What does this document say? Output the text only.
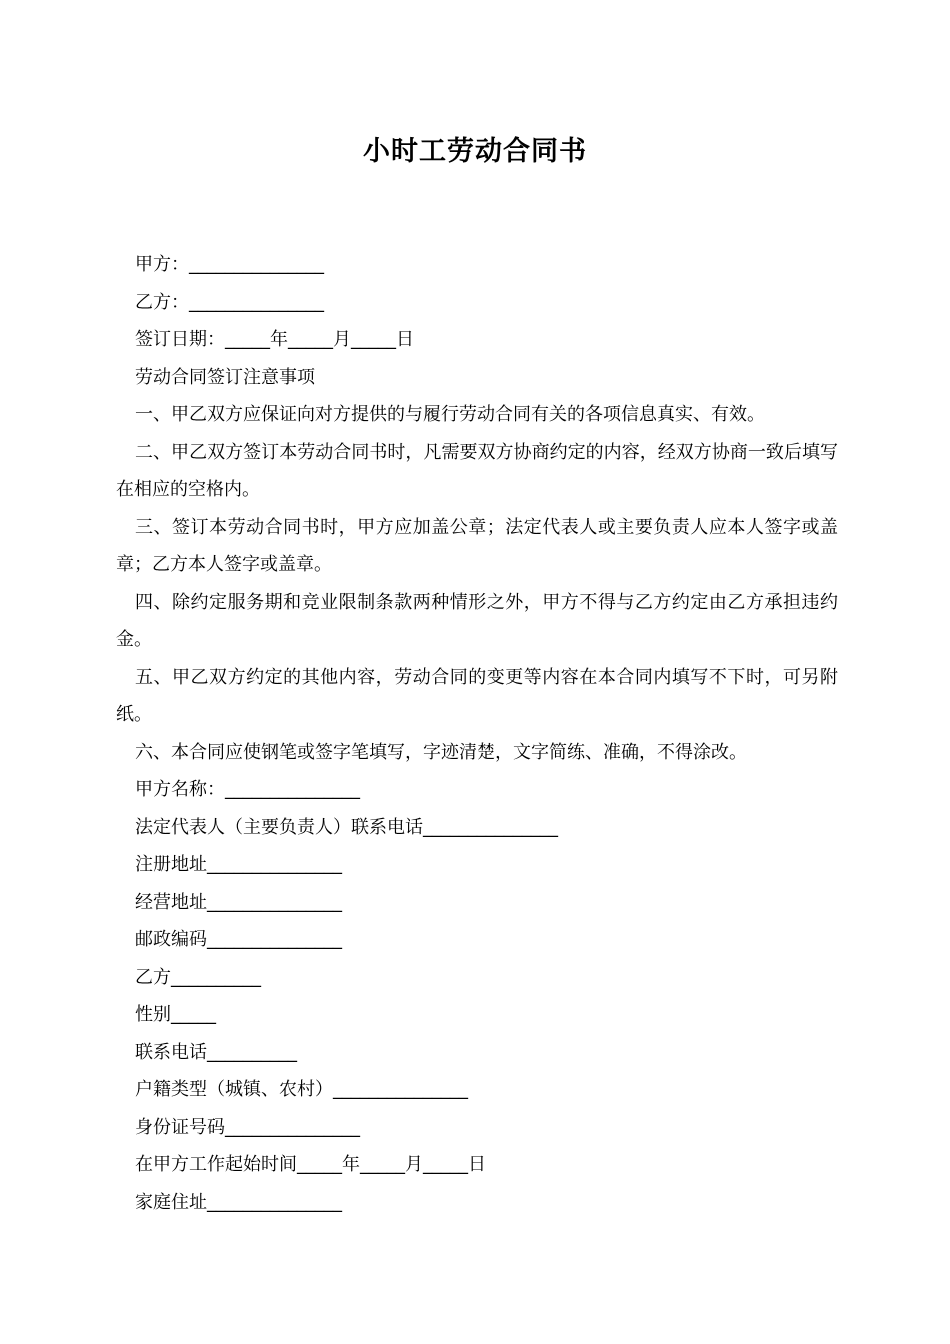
小时工劳动合同书
甲方：_______________
乙方：_______________
签订日期：_____年_____月_____日
劳动合同签订注意事项
一、甲乙双方应保证向对方提供的与履行劳动合同有关的各项信息真实、有效。
二、甲乙双方签订本劳动合同书时，凡需要双方协商约定的内容，经双方协商一致后填写在相应的空格内。
三、签订本劳动合同书时，甲方应加盖公章；法定代表人或主要负责人应本人签字或盖章；乙方本人签字或盖章。
四、除约定服务期和竞业限制条款两种情形之外，甲方不得与乙方约定由乙方承担违约金。
五、甲乙双方约定的其他内容，劳动合同的变更等内容在本合同内填写不下时，可另附纸。
六、本合同应使钢笔或签字笔填写，字迹清楚，文字简练、准确，不得涂改。
甲方名称：_______________
法定代表人（主要负责人）联系电话_______________
注册地址_______________
经营地址_______________
邮政编码_______________
乙方__________
性别_____
联系电话__________
户籍类型（城镇、农村）_______________
身份证号码_______________
在甲方工作起始时间_____年_____月_____日
家庭住址_______________
